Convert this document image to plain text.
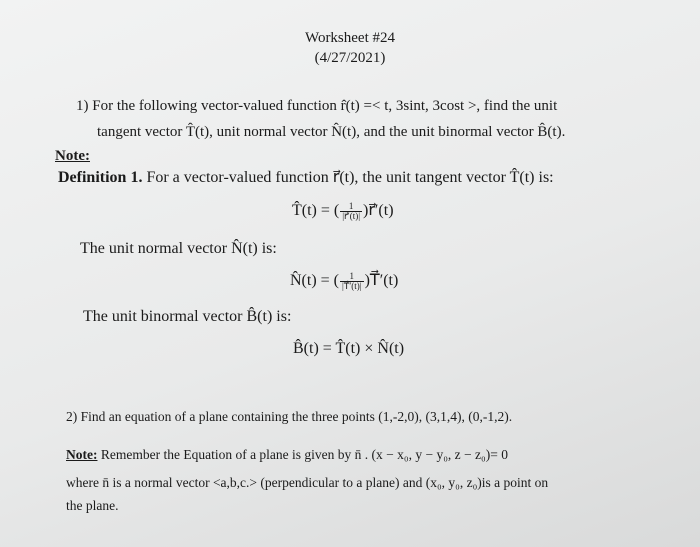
Worksheet #24
(4/27/2021)
1) For the following vector-valued function r̂(t) =< t, 3sint, 3cost >, find the unit
tangent vector T̂(t), unit normal vector N̂(t), and the unit binormal vector B̂(t).
Note:
Definition 1. For a vector-valued function r⃗(t), the unit tangent vector T̂(t) is:
T̂(t) = ( $\frac{1}{|r⃗'(t)|}$ )r⃗′(t)
The unit normal vector N̂(t) is:
N̂(t) = ( $\frac{1}{|T⃗'(t)|}$ )T⃗′(t)
The unit binormal vector B̂(t) is:
B̂(t) = T̂(t) × N̂(t)
2) Find an equation of a plane containing the three points (1,-2,0), (3,1,4), (0,-1,2).
Note: Remember the Equation of a plane is given by n̄ . (x − x₀, y − y₀, z − z₀)= 0
where n̄ is a normal vector <a,b,c.> (perpendicular to a plane) and (x₀, y₀, z₀)is a point on
the plane.
